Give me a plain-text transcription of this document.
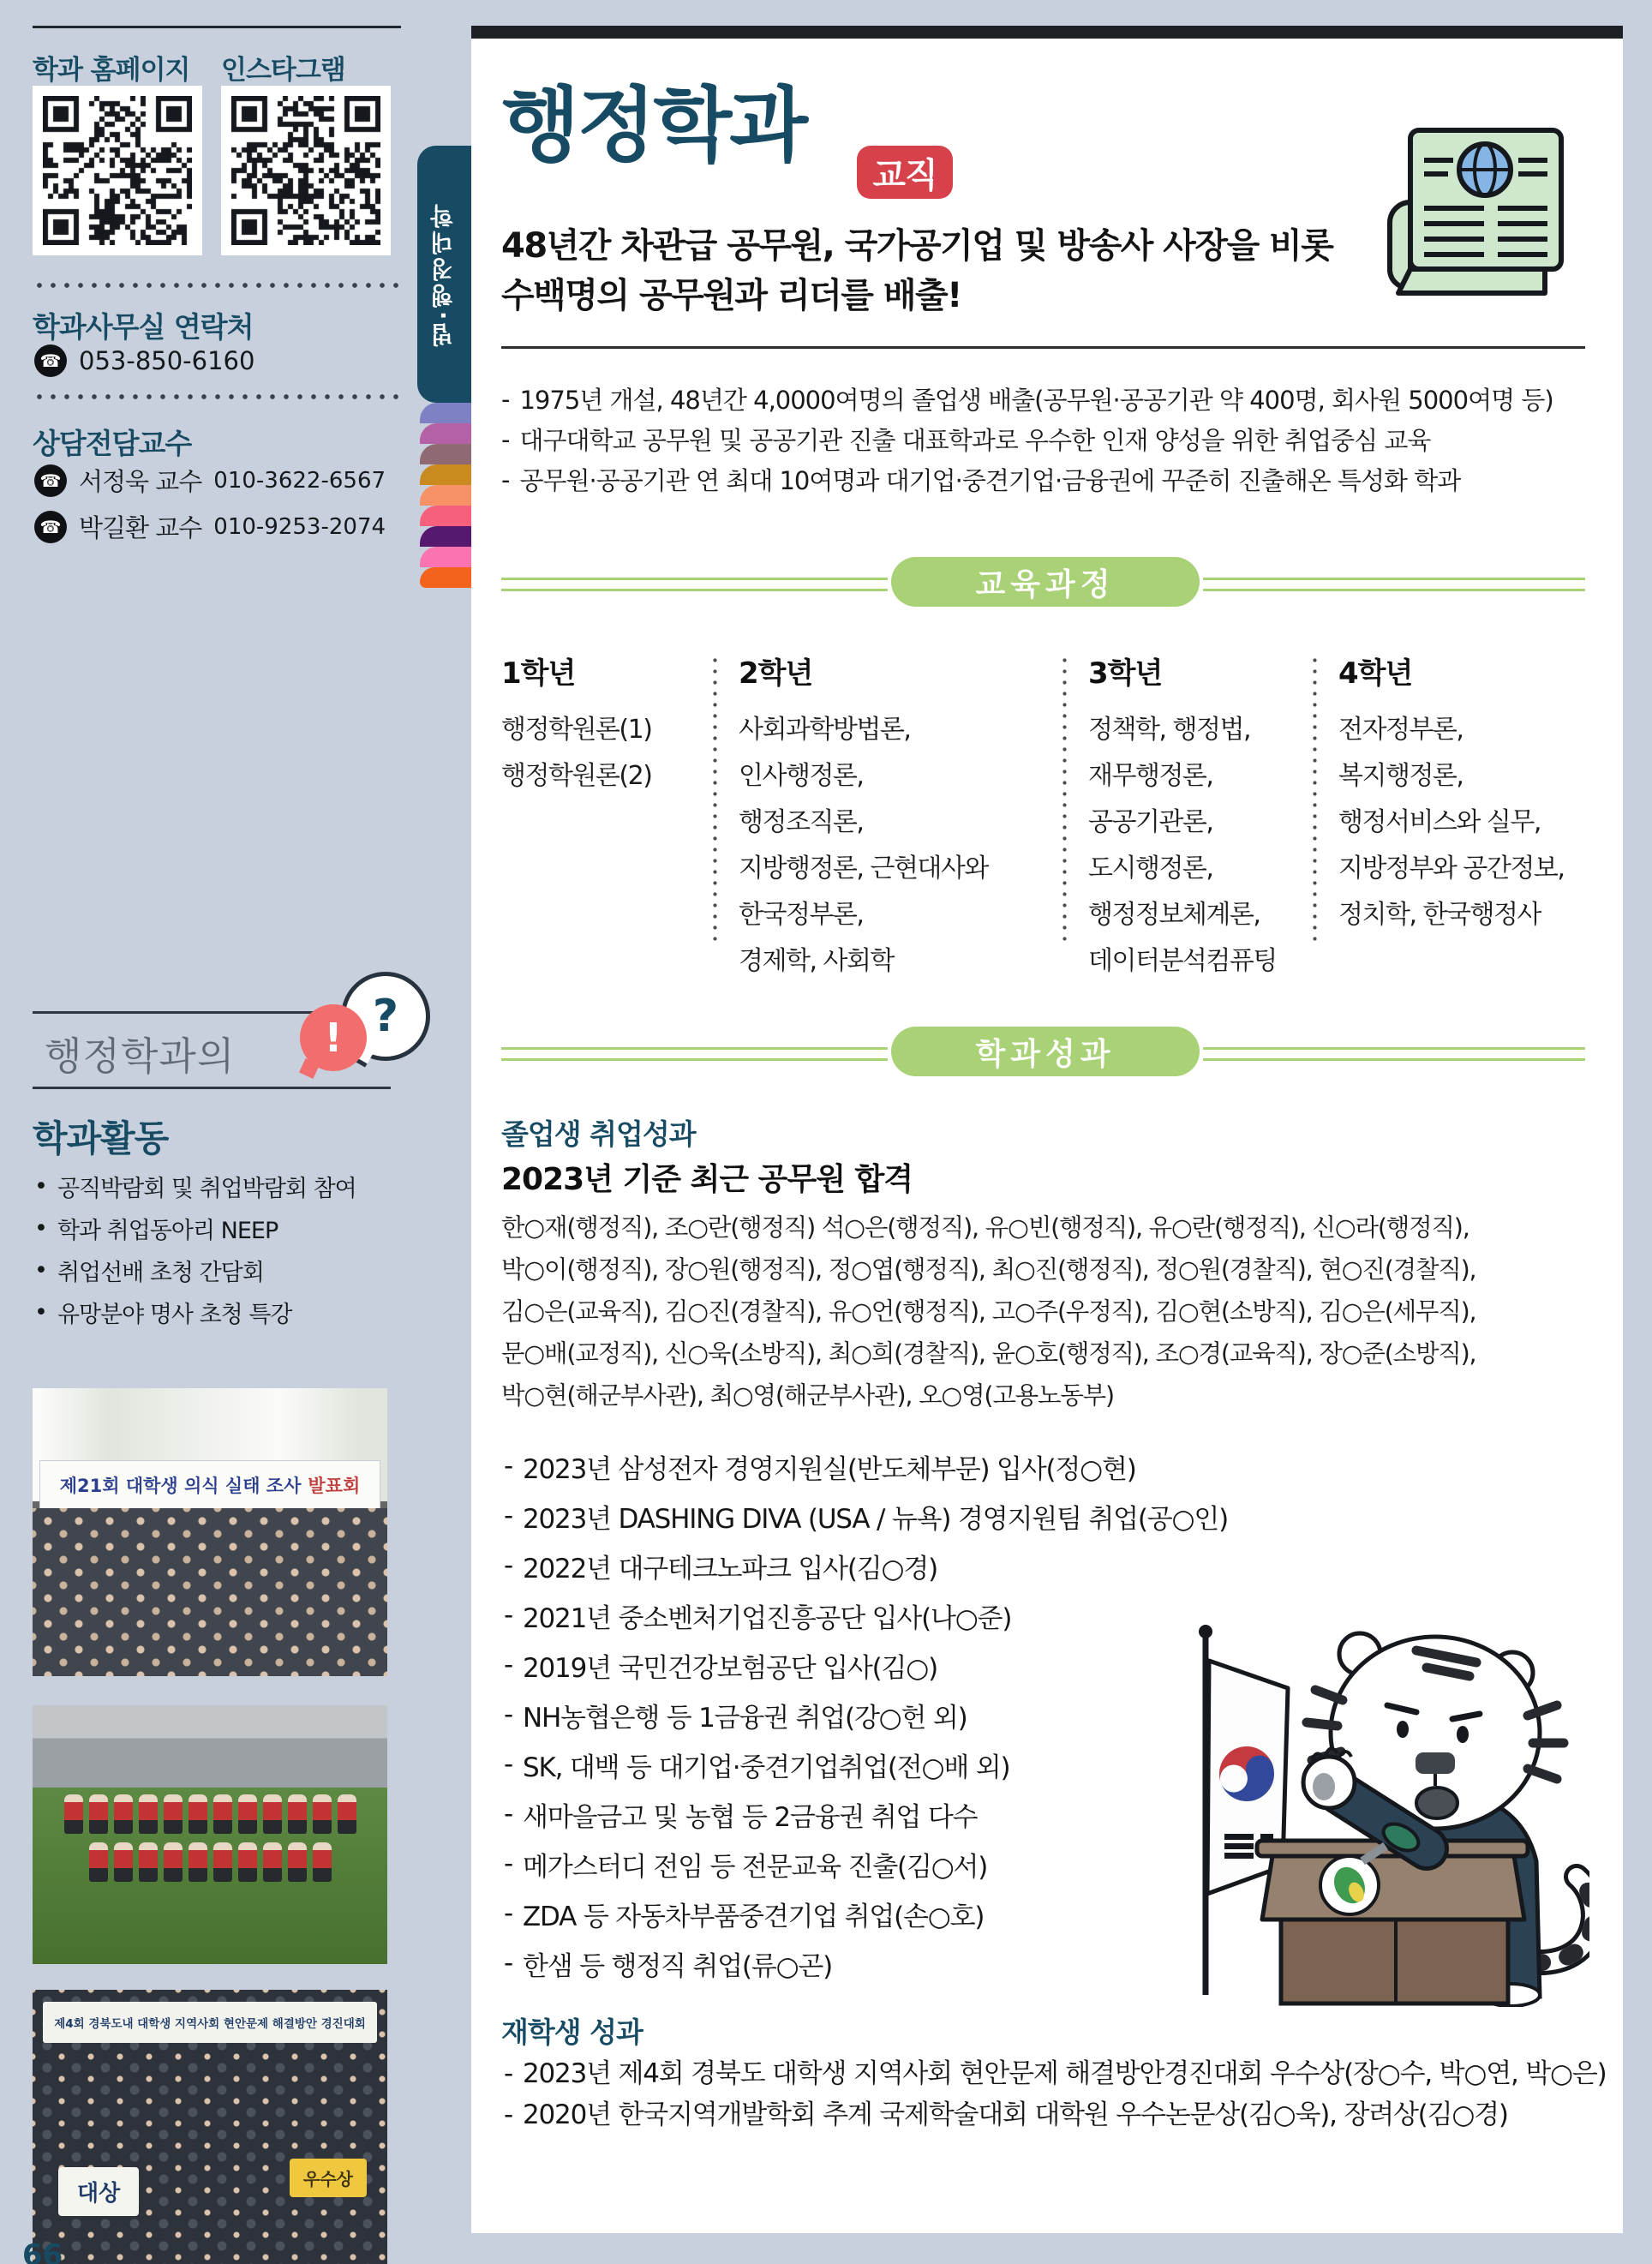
학과 홈페이지 인스타그램
학과사무실 연락처
☎ 053-850-6160
상담전담교수
☎ 서정욱 교수 010-3622-6567
☎ 박길환 교수 010-9253-2074
행정학과의
?
!
학과활동
• 공직박람회 및 취업박람회 참여
• 학과 취업동아리 NEEP
• 취업선배 초청 간담회
• 유망분야 명사 초청 특강
제21회 대학생 의식 실태 조사 발표회
제4회 경북도내 대학생 지역사회 현안문제 해결방안 경진대회
대상
우수상
66
법·행정대학
행정학과
교직
48년간 차관급 공무원, 국가공기업 및 방송사 사장을 비롯
수백명의 공무원과 리더를 배출!
- 1975년 개설, 48년간 4,0000여명의 졸업생 배출(공무원·공공기관 약 400명, 회사원 5000여명 등)
- 대구대학교 공무원 및 공공기관 진출 대표학과로 우수한 인재 양성을 위한 취업중심 교육
- 공무원·공공기관 연 최대 10여명과 대기업·중견기업·금융권에 꾸준히 진출해온 특성화 학과
교육과정
1학년
행정학원론(1)
행정학원론(2)
2학년
사회과학방법론,
인사행정론,
행정조직론,
지방행정론, 근현대사와
한국정부론,
경제학, 사회학
3학년
정책학, 행정법,
재무행정론,
공공기관론,
도시행정론,
행정정보체계론,
데이터분석컴퓨팅
4학년
전자정부론,
복지행정론,
행정서비스와 실무,
지방정부와 공간정보,
정치학, 한국행정사
학과성과
졸업생 취업성과
2023년 기준 최근 공무원 합격
한○재(행정직), 조○란(행정직) 석○은(행정직), 유○빈(행정직), 유○란(행정직), 신○라(행정직),
박○이(행정직), 장○원(행정직), 정○엽(행정직), 최○진(행정직), 정○원(경찰직), 현○진(경찰직),
김○은(교육직), 김○진(경찰직), 유○언(행정직), 고○주(우정직), 김○현(소방직), 김○은(세무직),
문○배(교정직), 신○욱(소방직), 최○희(경찰직), 윤○호(행정직), 조○경(교육직), 장○준(소방직),
박○현(해군부사관), 최○영(해군부사관), 오○영(고용노동부)
- 2023년 삼성전자 경영지원실(반도체부문) 입사(정○현)
- 2023년 DASHING DIVA (USA / 뉴욕) 경영지원팀 취업(공○인)
- 2022년 대구테크노파크 입사(김○경)
- 2021년 중소벤처기업진흥공단 입사(나○준)
- 2019년 국민건강보험공단 입사(김○)
- NH농협은행 등 1금융권 취업(강○헌 외)
- SK, 대백 등 대기업·중견기업취업(전○배 외)
- 새마을금고 및 농협 등 2금융권 취업 다수
- 메가스터디 전임 등 전문교육 진출(김○서)
- ZDA 등 자동차부품중견기업 취업(손○호)
- 한샘 등 행정직 취업(류○곤)
재학생 성과
- 2023년 제4회 경북도 대학생 지역사회 현안문제 해결방안경진대회 우수상(장○수, 박○연, 박○은)
- 2020년 한국지역개발학회 추계 국제학술대회 대학원 우수논문상(김○욱), 장려상(김○경)
